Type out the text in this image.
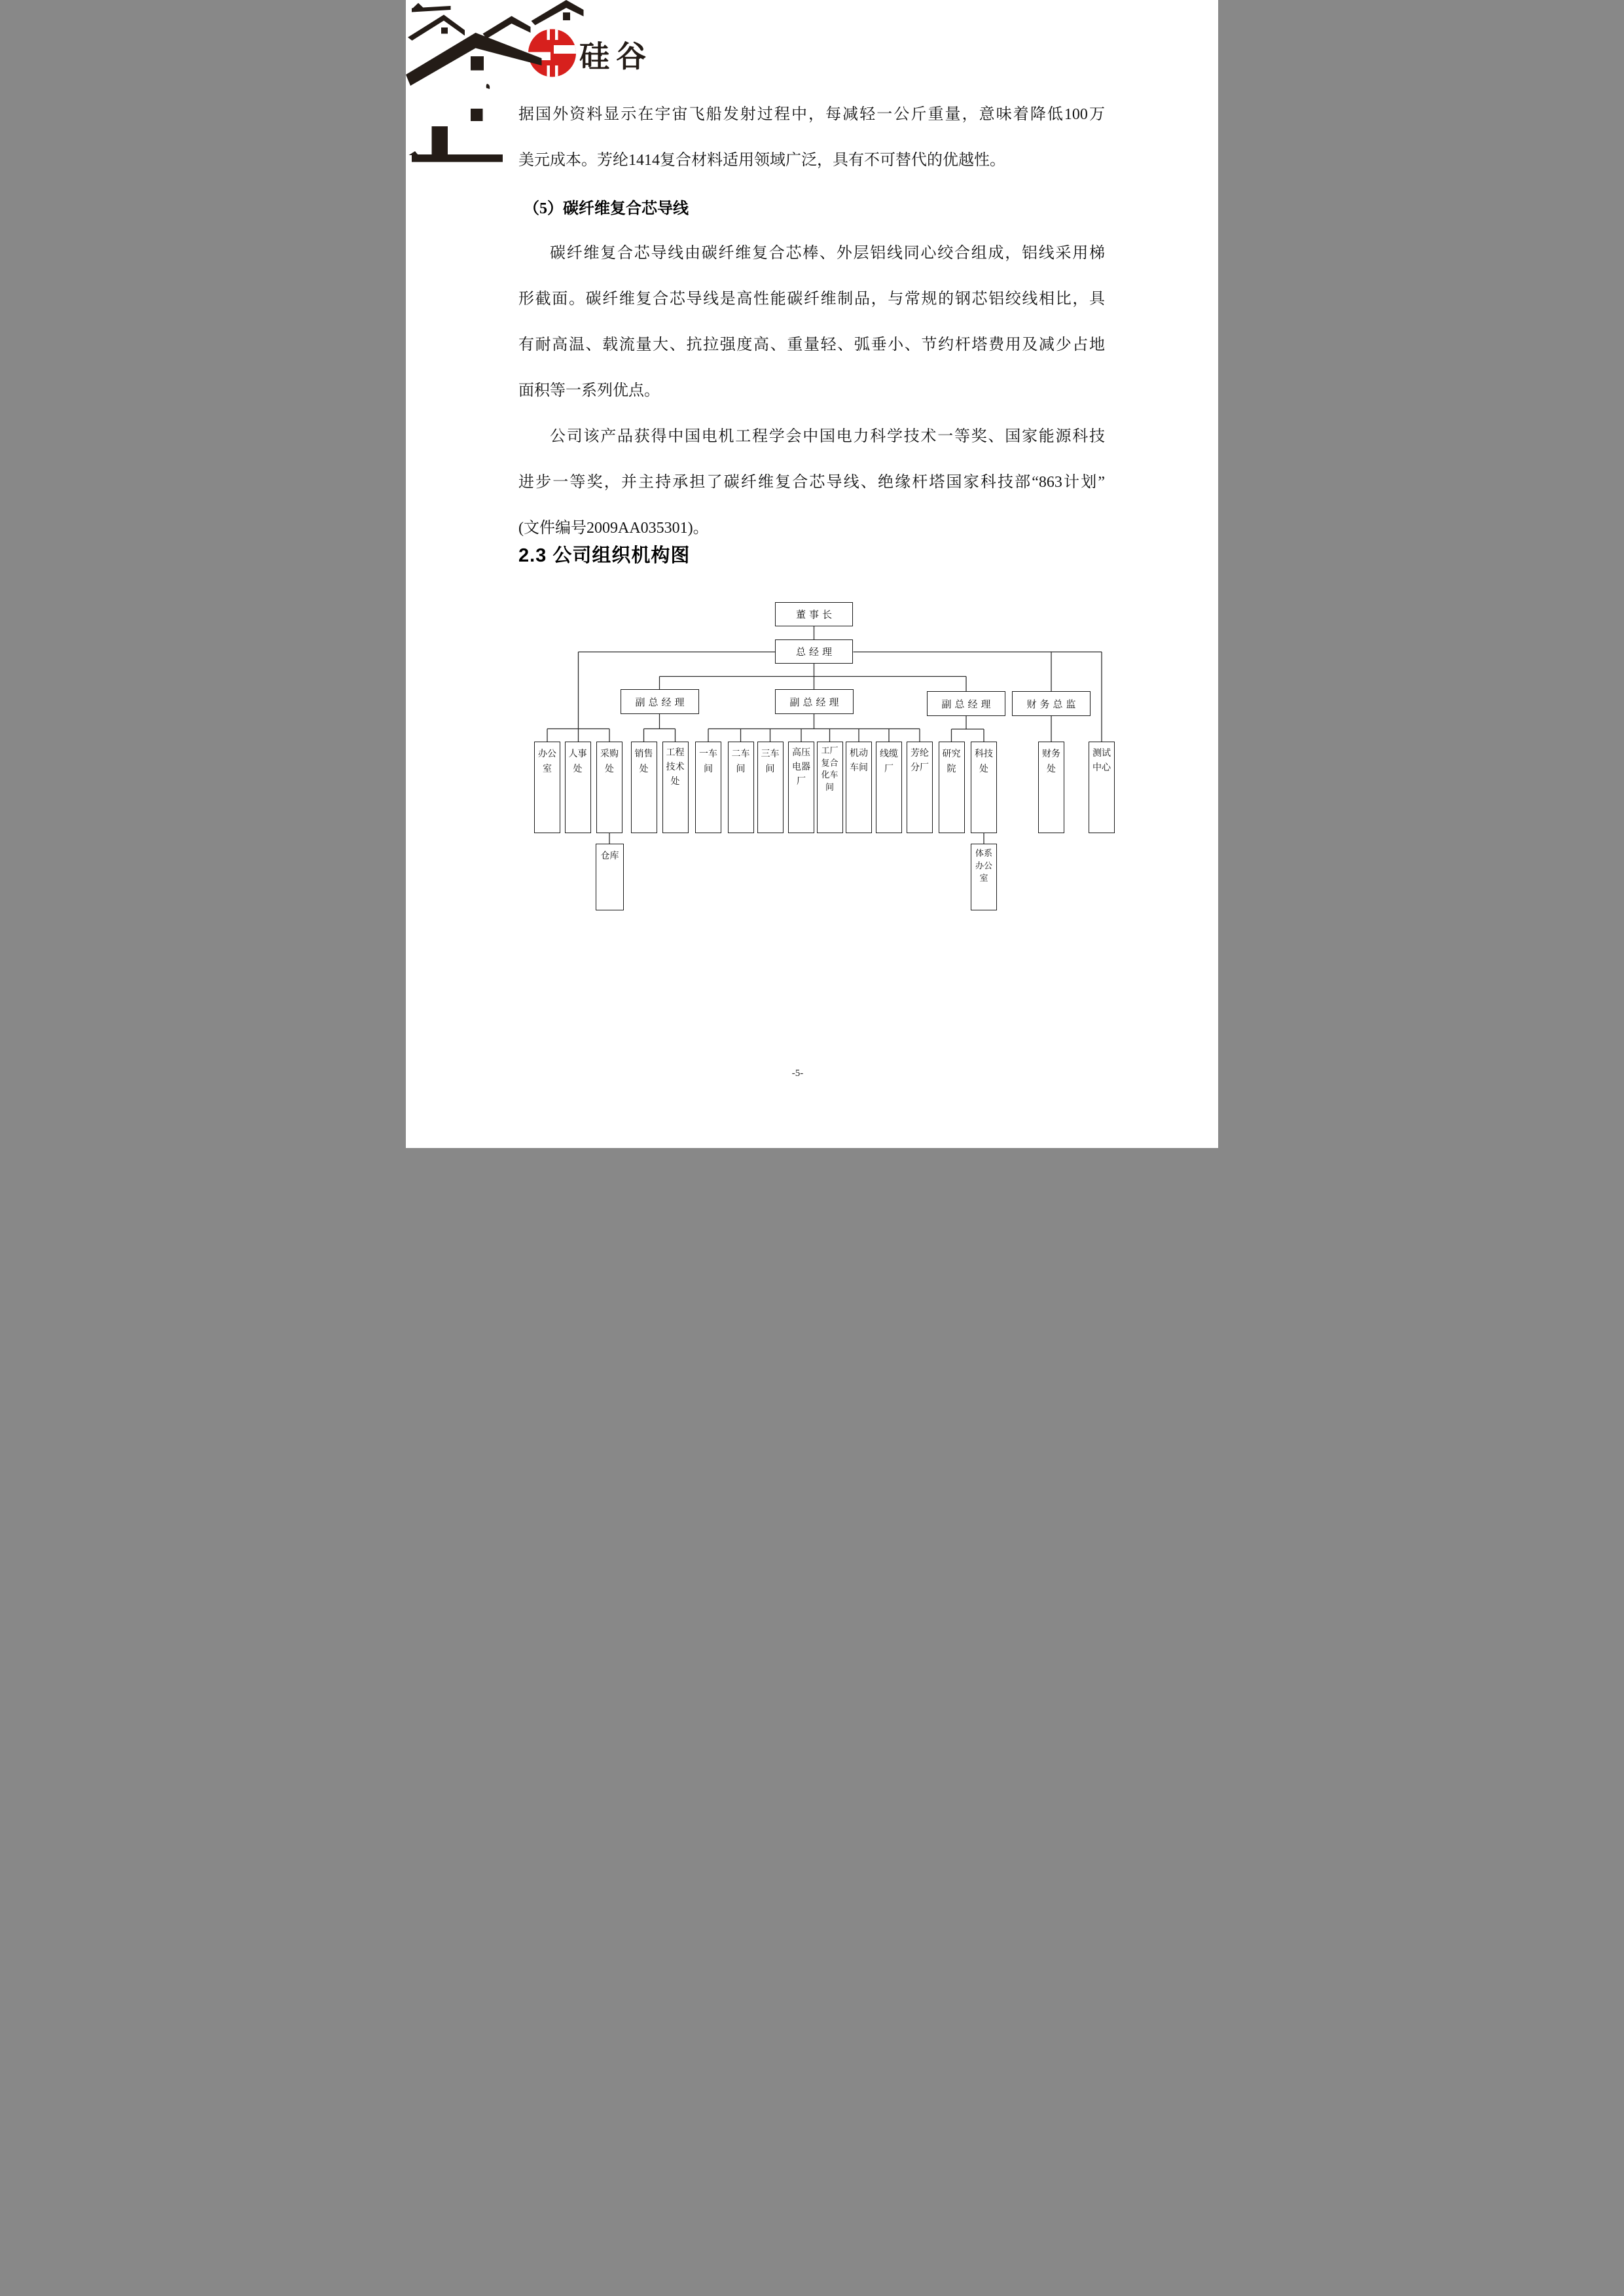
硅谷
据国外资料显示在宇宙飞船发射过程中，每减轻一公斤重量，意味着降低100万
美元成本。芳纶1414复合材料适用领域广泛，具有不可替代的优越性。
（5）碳纤维复合芯导线
碳纤维复合芯导线由碳纤维复合芯棒、外层铝线同心绞合组成，铝线采用梯
形截面。碳纤维复合芯导线是高性能碳纤维制品，与常规的钢芯铝绞线相比，具
有耐高温、载流量大、抗拉强度高、重量轻、弧垂小、节约杆塔费用及减少占地
面积等一系列优点。
公司该产品获得中国电机工程学会中国电力科学技术一等奖、国家能源科技
进步一等奖，并主持承担了碳纤维复合芯导线、绝缘杆塔国家科技部“863计划”
(文件编号2009AA035301)。
2.3 公司组织机构图
董事长
总经理
副总经理	副总经理	副总经理	财务总监
办公室
人事处
采购处
销售处
工程技术处
一车间
二车间
三车间
高压电器厂
工厂复合化车间
机动车间
线缆厂
芳纶分厂
研究院
科技处
财务处
测试中心
仓库	体系办公室
-5-
